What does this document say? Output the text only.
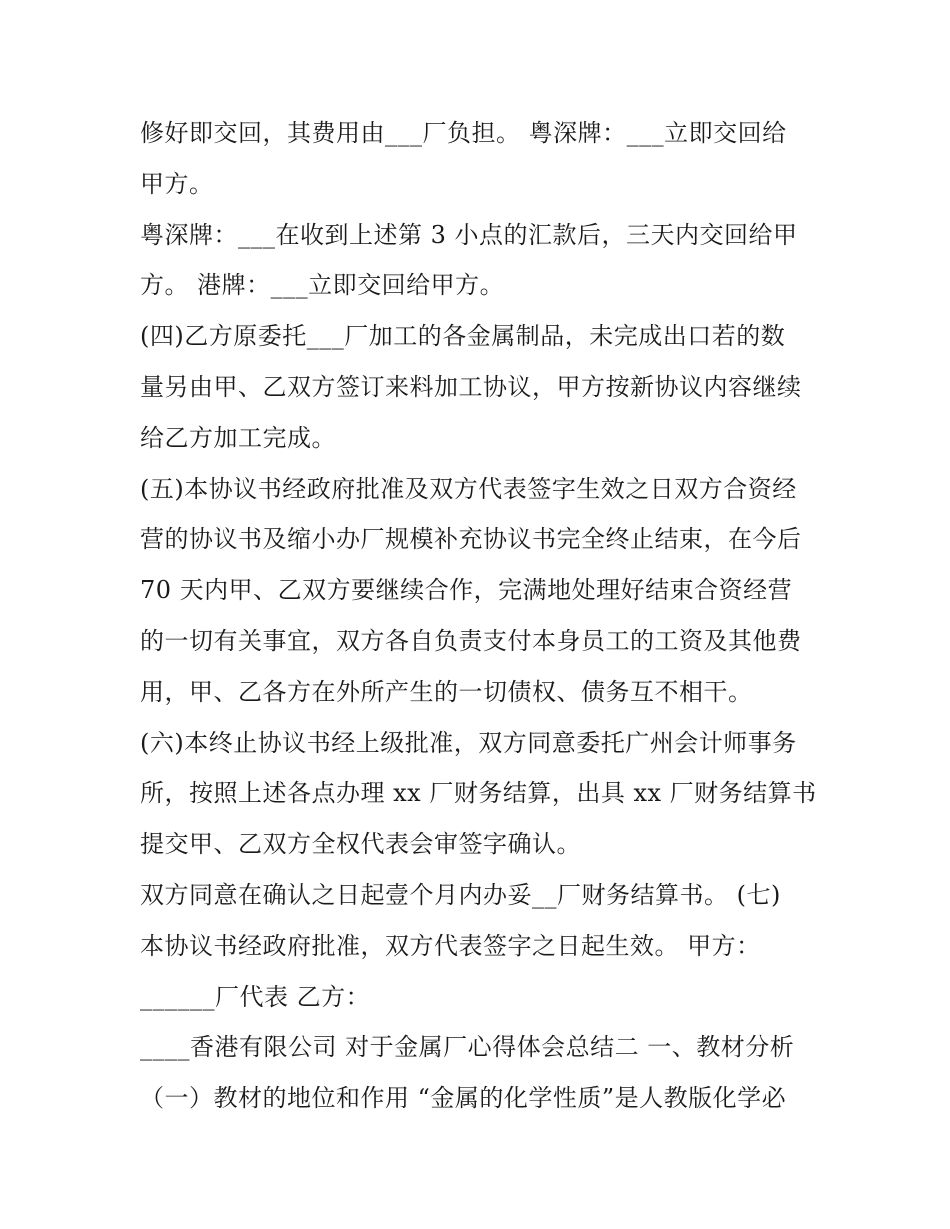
修好即交回，其费用由___厂负担。 粤深牌：___立即交回给
甲方。
粤深牌：___在收到上述第 3 小点的汇款后，三天内交回给甲
方。 港牌：___立即交回给甲方。
(四)乙方原委托___厂加工的各金属制品，未完成出口若的数
量另由甲、乙双方签订来料加工协议，甲方按新协议内容继续
给乙方加工完成。
(五)本协议书经政府批准及双方代表签字生效之日双方合资经
营的协议书及缩小办厂规模补充协议书完全终止结束，在今后
70 天内甲、乙双方要继续合作，完满地处理好结束合资经营
的一切有关事宜，双方各自负责支付本身员工的工资及其他费
用，甲、乙各方在外所产生的一切债权、债务互不相干。
(六)本终止协议书经上级批准，双方同意委托广州会计师事务
所，按照上述各点办理 xx 厂财务结算，出具 xx 厂财务结算书
提交甲、乙双方全权代表会审签字确认。
双方同意在确认之日起壹个月内办妥__厂财务结算书。 (七)
本协议书经政府批准，双方代表签字之日起生效。 甲方：
______厂代表 乙方：
____香港有限公司 对于金属厂心得体会总结二 一、教材分析
（一）教材的地位和作用 “金属的化学性质”是人教版化学必
